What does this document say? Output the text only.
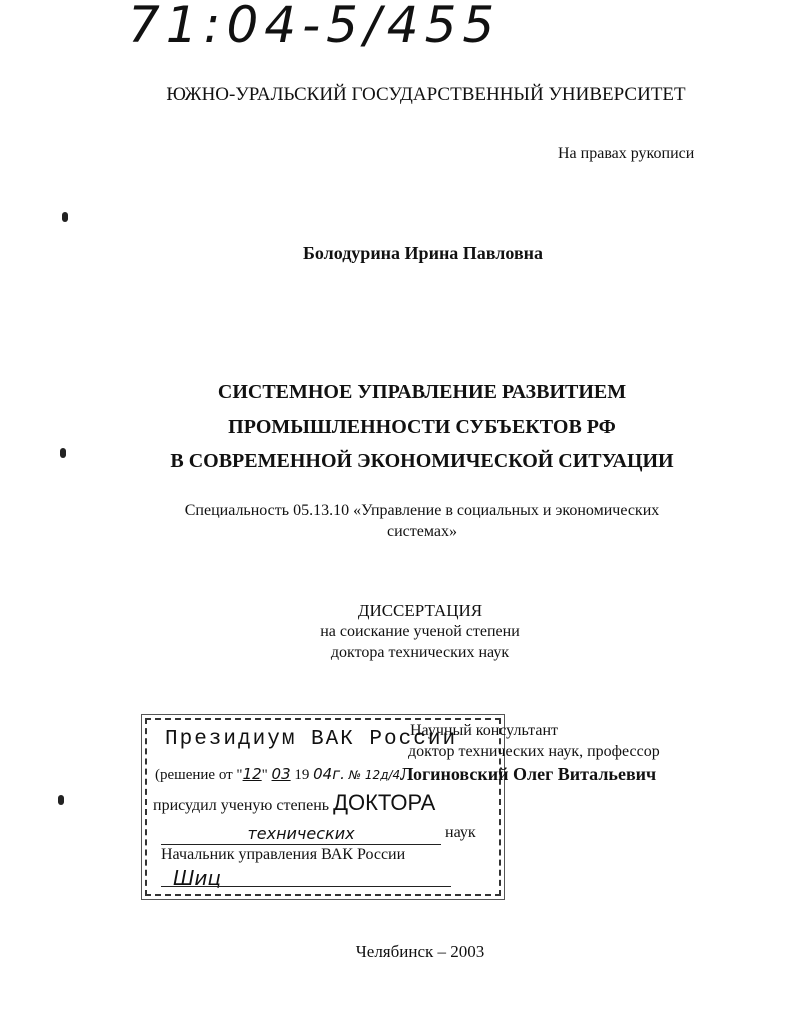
71:04-5/455
ЮЖНО-УРАЛЬСКИЙ ГОСУДАРСТВЕННЫЙ УНИВЕРСИТЕТ
На правах рукописи
Болодурина Ирина Павловна
СИСТЕМНОЕ УПРАВЛЕНИЕ РАЗВИТИЕМ
ПРОМЫШЛЕННОСТИ СУБЪЕКТОВ РФ
В СОВРЕМЕННОЙ ЭКОНОМИЧЕСКОЙ СИТУАЦИИ
Специальность 05.13.10 «Управление в социальных и экономических
системах»
ДИССЕРТАЦИЯ
на соискание ученой степени
доктора технических наук
Президиум ВАК России
(решение от "12" 03 19 04г. № 12д/4
присудил ученую степень ДОКТОРА
технических	наук
Начальник управления ВАК России
Шиц
Научный консультант
доктор технических наук, профессор
Логиновский Олег Витальевич
Челябинск – 2003
